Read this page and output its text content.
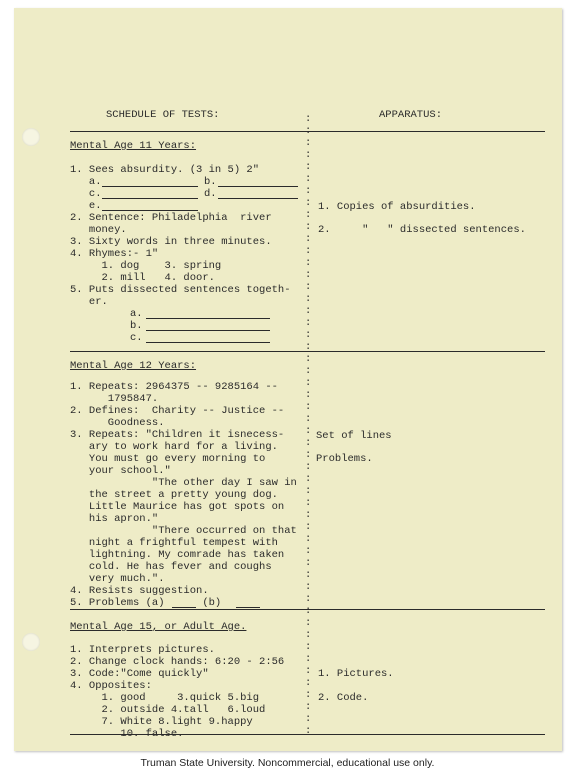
SCHEDULE OF TESTS:	APPARATUS:
:
:
:
:
:
:
:
:
:
:
:
:
:
:
:
:
:
:
:
:
:
:
:
:
:
:
:
:
:
:
:
:
:
:
:
:
:
:
:
:
:
:
:
:
:
:
:
:
:
:
:
:
Mental Age 11 Years:
1. Sees absurdity. (3 in 5) 2"
a.
c.
e.
2. Sentence: Philadelphia  river
money.
3. Sixty words in three minutes.
4. Rhymes:- 1"
1. dog    3. spring
2. mill   4. door.
5. Puts dissected sentences togeth-
er.
b.
d.
a.
b.
c.
1. Copies of absurdities.
2.     "   " dissected sentences.
Mental Age 12 Years:
1. Repeats: 2964375 -- 9285164 --
1795847.
2. Defines:  Charity -- Justice --
Goodness.
3. Repeats: "Children it isnecess-
ary to work hard for a living.
You must go every morning to
your school."
"The other day I saw in
the street a pretty young dog.
Little Maurice has got spots on
his apron."
"There occurred on that
night a frightful tempest with
lightning. My comrade has taken
cold. He has fever and coughs
very much.".
4. Resists suggestion.
5. Problems (a)      (b)
Set of lines
Problems.
Mental Age 15, or Adult Age.
1. Interprets pictures.
2. Change clock hands: 6:20 - 2:56
3. Code:"Come quickly"
4. Opposites:
1. good     3.quick 5.big
2. outside 4.tall   6.loud
7. White 8.light 9.happy
10. false.
1. Pictures.
2. Code.
Truman State University. Noncommercial, educational use only.
